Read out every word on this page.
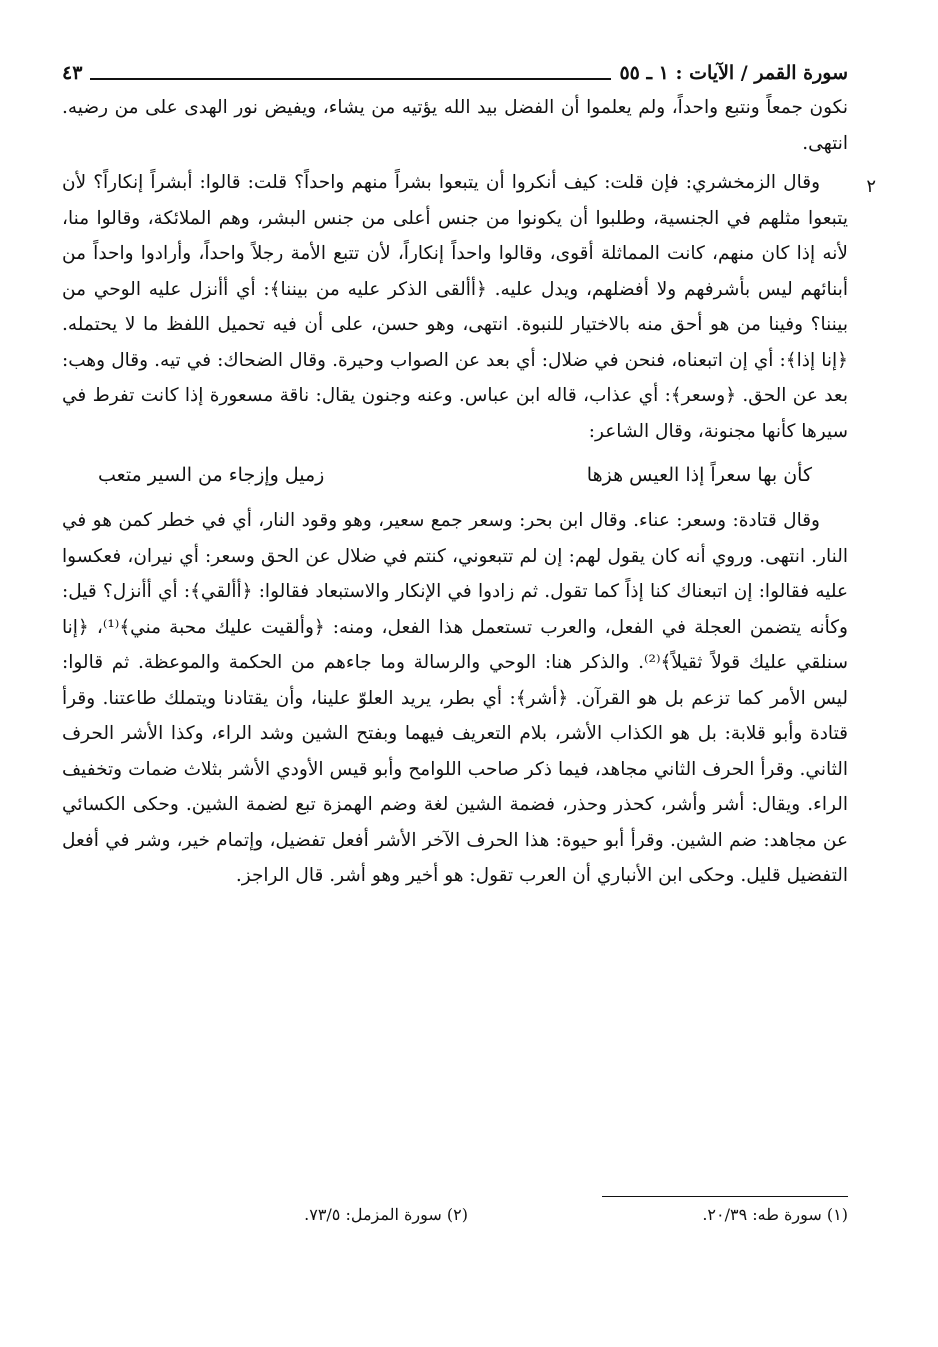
سورة القمر / الآيات : ١ ـ ٥٥
٤٣
٢

نكون جمعاً ونتبع واحداً، ولم يعلموا أن الفضل بيد الله يؤتيه من يشاء، ويفيض نور الهدى على من رضيه. انتهى.

وقال الزمخشري: فإن قلت: كيف أنكروا أن يتبعوا بشراً منهم واحداً؟ قلت: قالوا: أبشراً إنكاراً؟ لأن يتبعوا مثلهم في الجنسية، وطلبوا أن يكونوا من جنس أعلى من جنس البشر، وهم الملائكة، وقالوا منا، لأنه إذا كان منهم، كانت المماثلة أقوى، وقالوا واحداً إنكاراً، لأن تتبع الأمة رجلاً واحداً، وأرادوا واحداً من أبنائهم ليس بأشرفهم ولا أفضلهم، ويدل عليه. ﴿أألقى الذكر عليه من بيننا﴾: أي أأنزل عليه الوحي من بيننا؟ وفينا من هو أحق منه بالاختيار للنبوة. انتهى، وهو حسن، على أن فيه تحميل اللفظ ما لا يحتمله. ﴿إنا إذا﴾: أي إن اتبعناه، فنحن في ضلال: أي بعد عن الصواب وحيرة. وقال الضحاك: في تيه. وقال وهب: بعد عن الحق. ﴿وسعر﴾: أي عذاب، قاله ابن عباس. وعنه وجنون يقال: ناقة مسعورة إذا كانت تفرط في سيرها كأنها مجنونة، وقال الشاعر:

كأن بها سعراً إذا العيس هزها
زميل وإزجاء من السير متعب

وقال قتادة: وسعر: عناء. وقال ابن بحر: وسعر جمع سعير، وهو وقود النار، أي في خطر كمن هو في النار. انتهى. وروي أنه كان يقول لهم: إن لم تتبعوني، كنتم في ضلال عن الحق وسعر: أي نيران، فعكسوا عليه فقالوا: إن اتبعناك كنا إذاً كما تقول. ثم زادوا في الإنكار والاستبعاد فقالوا: ﴿أألقي﴾: أي أأنزل؟ قيل: وكأنه يتضمن العجلة في الفعل، والعرب تستعمل هذا الفعل، ومنه: ﴿وألقيت عليك محبة مني﴾⁽¹⁾، ﴿إنا سنلقي عليك قولاً ثقيلاً﴾⁽²⁾. والذكر هنا: الوحي والرسالة وما جاءهم من الحكمة والموعظة. ثم قالوا: ليس الأمر كما تزعم بل هو القرآن. ﴿أشر﴾: أي بطر، يريد العلوّ علينا، وأن يقتادنا ويتملك طاعتنا. وقرأ قتادة وأبو قلابة: بل هو الكذاب الأشر، بلام التعريف فيهما وبفتح الشين وشد الراء، وكذا الأشر الحرف الثاني. وقرأ الحرف الثاني مجاهد، فيما ذكر صاحب اللوامح وأبو قيس الأودي الأشر بثلاث ضمات وتخفيف الراء. ويقال: أشر وأشر، كحذر وحذر، فضمة الشين لغة وضم الهمزة تبع لضمة الشين. وحكى الكسائي عن مجاهد: ضم الشين. وقرأ أبو حيوة: هذا الحرف الآخر الأشر أفعل تفضيل، وإتمام خير، وشر في أفعل التفضيل قليل. وحكى ابن الأنباري أن العرب تقول: هو أخير وهو أشر. قال الراجز.

(١) سورة طه: ٢٠/٣٩.
(٢) سورة المزمل: ٧٣/٥.
